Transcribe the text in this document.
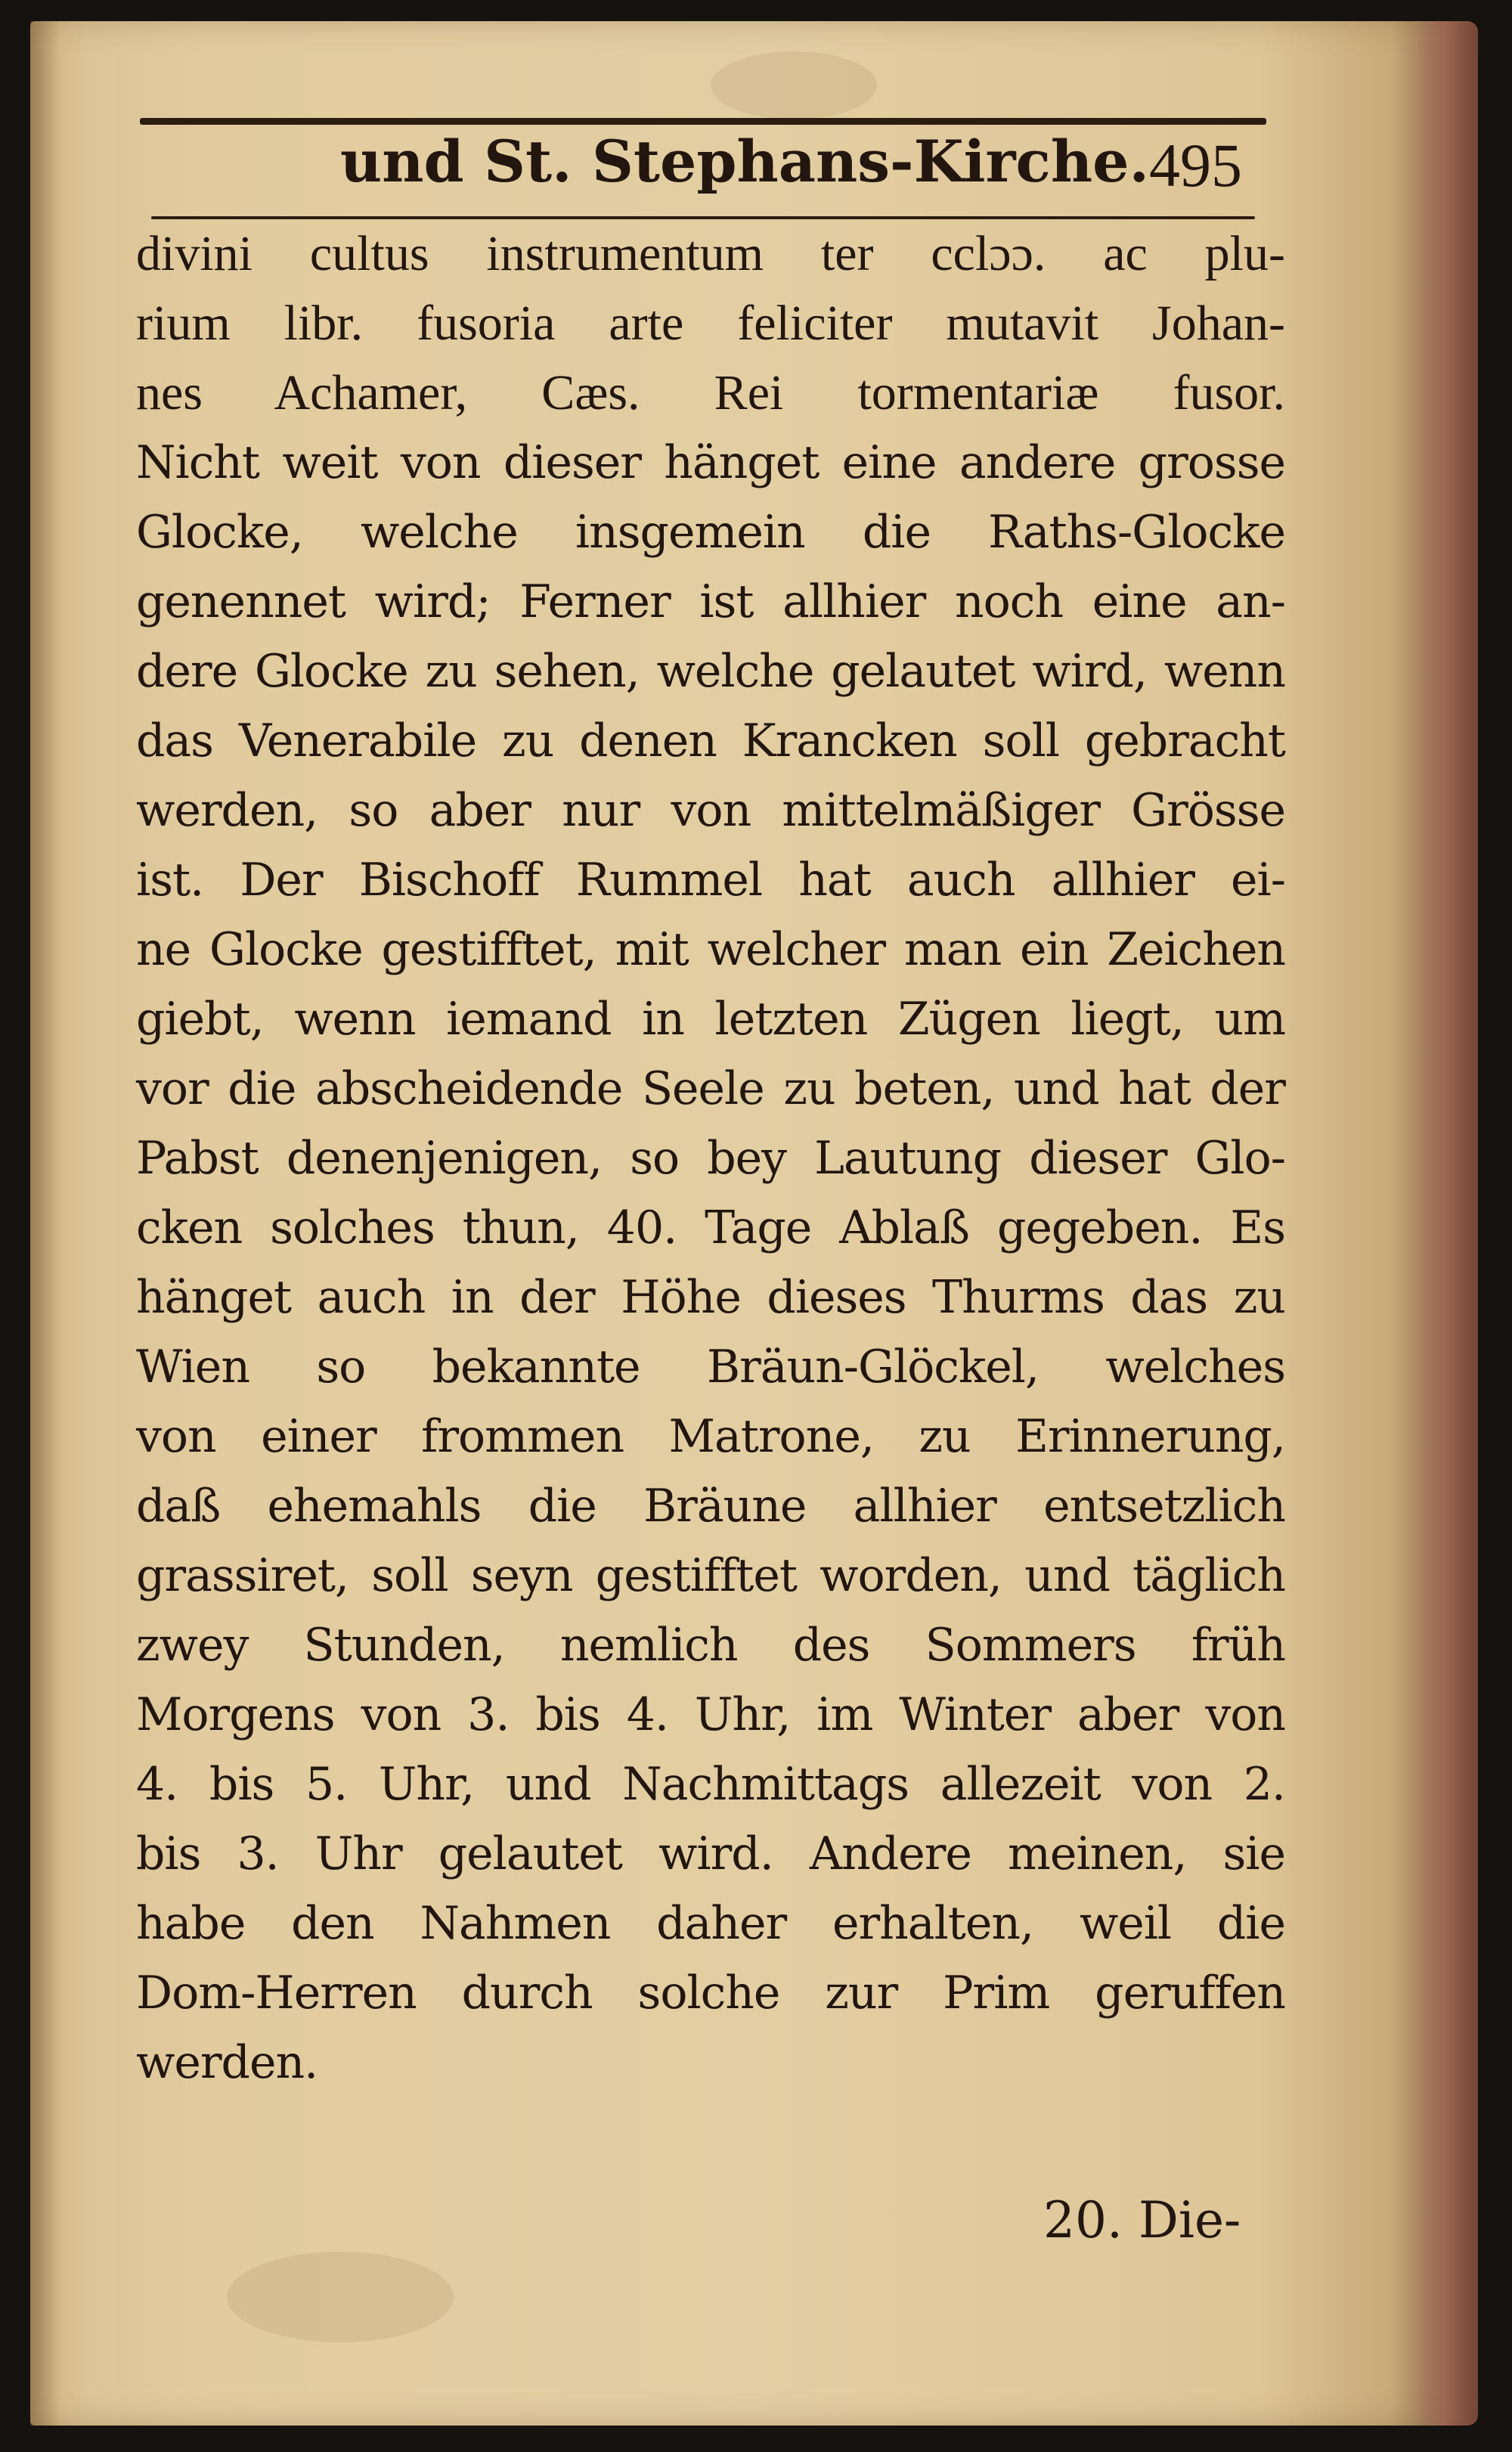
und St. Stephans-Kirche. 495
divini cultus instrumentum ter cclɔɔ. ac plu-
rium libr. fusoria arte feliciter mutavit Johan-
nes Achamer, Cæs. Rei tormentariæ fusor.
Nicht weit von dieser hänget eine andere grosse
Glocke, welche insgemein die Raths-Glocke
genennet wird; Ferner ist allhier noch eine an-
dere Glocke zu sehen, welche gelautet wird, wenn
das Venerabile zu denen Krancken soll gebracht
werden, so aber nur von mittelmäßiger Grösse
ist. Der Bischoff Rummel hat auch allhier ei-
ne Glocke gestifftet, mit welcher man ein Zeichen
giebt, wenn iemand in letzten Zügen liegt, um
vor die abscheidende Seele zu beten, und hat der
Pabst denenjenigen, so bey Lautung dieser Glo-
cken solches thun, 40. Tage Ablaß gegeben. Es
hänget auch in der Höhe dieses Thurms das zu
Wien so bekannte Bräun-Glöckel, welches
von einer frommen Matrone, zu Erinnerung,
daß ehemahls die Bräune allhier entsetzlich
grassiret, soll seyn gestifftet worden, und täglich
zwey Stunden, nemlich des Sommers früh
Morgens von 3. bis 4. Uhr, im Winter aber von
4. bis 5. Uhr, und Nachmittags allezeit von 2.
bis 3. Uhr gelautet wird. Andere meinen, sie
habe den Nahmen daher erhalten, weil die
Dom-Herren durch solche zur Prim geruffen
werden.
20. Die-
